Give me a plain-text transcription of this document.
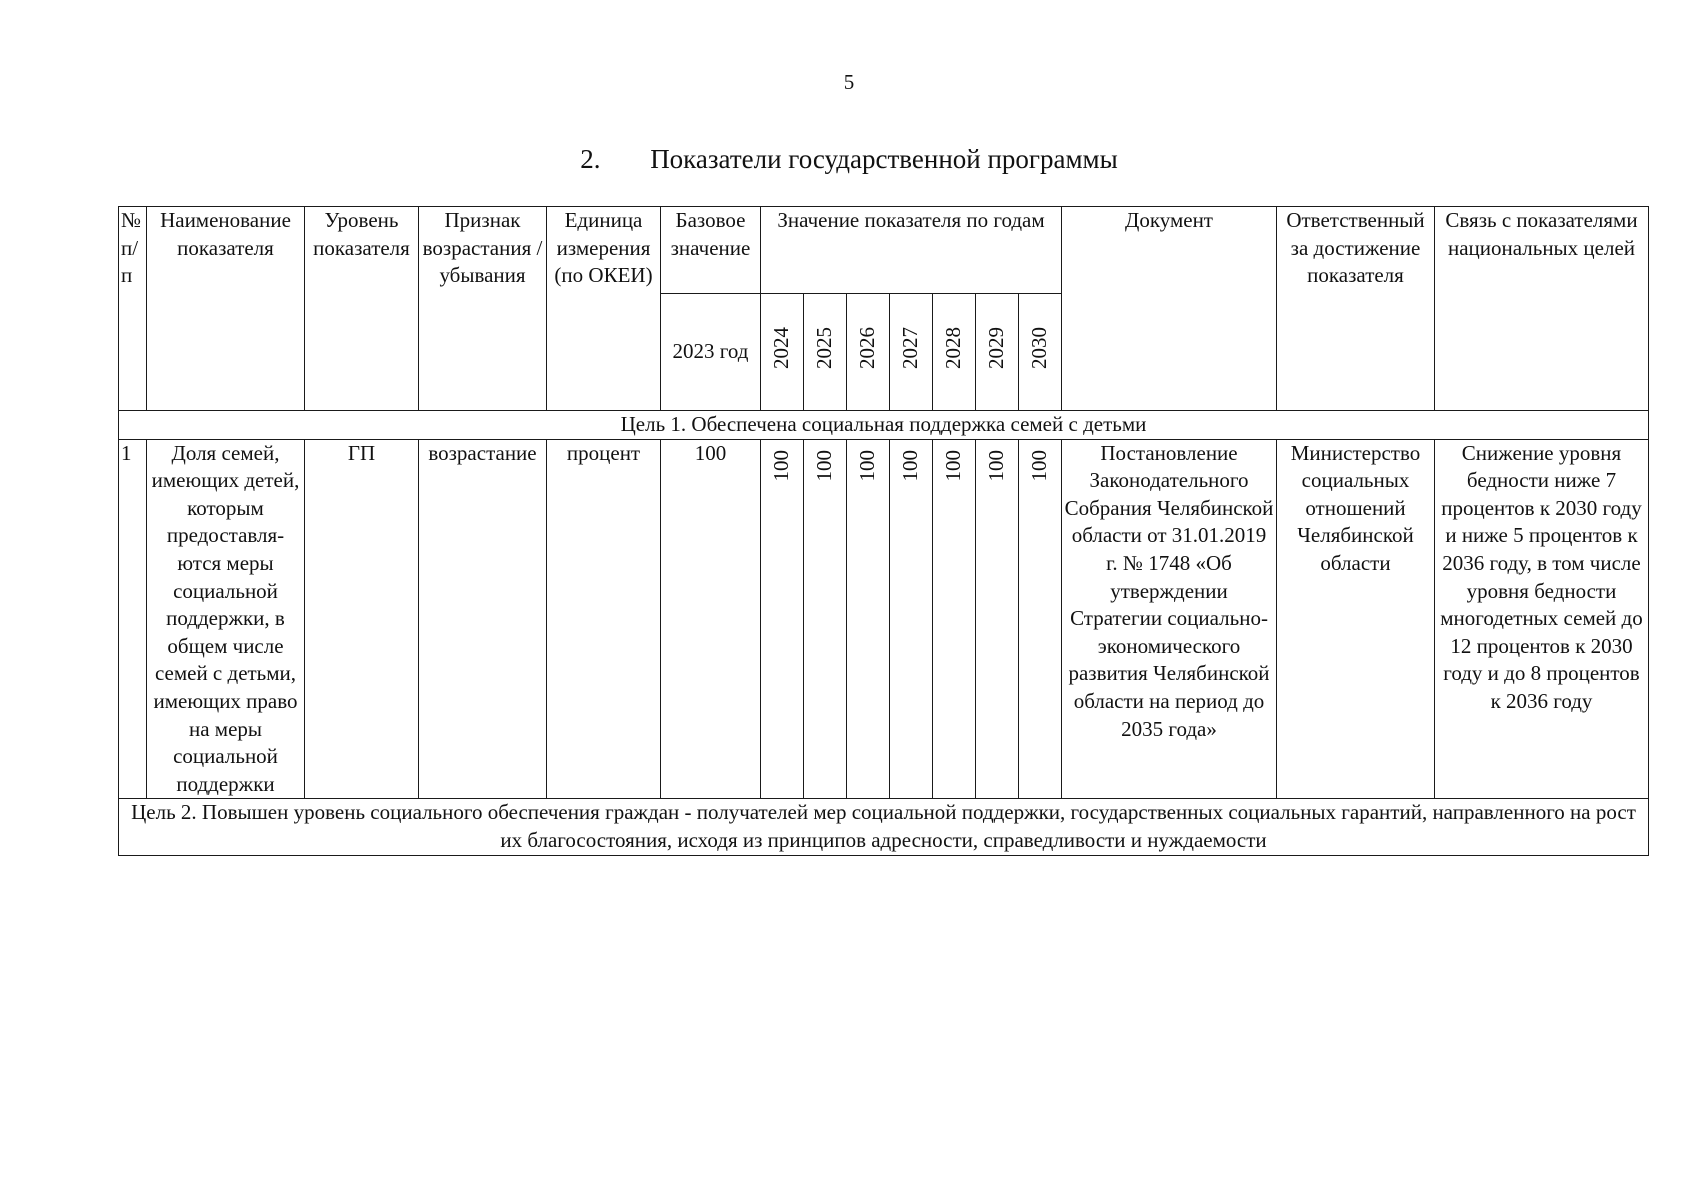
5
2. Показатели государственной программы
№ п/п	Наименование показателя	Уровень показателя	Признак возрастания / убывания	Единица измерения (по ОКЕИ)	Базовое значение	Значение показателя по годам							Документ	Ответственный за достижение показателя	Связь с показателями национальных целей
					2023 год	2024	2025	2026	2027	2028	2029	2030			
Цель 1. Обеспечена социальная поддержка семей с детьми															
1	Доля семей, имеющих детей, которым предоставля-ются меры социальной поддержки, в общем числе семей с детьми, имеющих право на меры социальной поддержки	ГП	возрастание	процент	100	100	100	100	100	100	100	100	Постановление Законодательного Собрания Челябинской области от 31.01.2019 г. № 1748 «Об утверждении Стратегии социально-экономического развития Челябинской области на период до 2035 года»	Министерство социальных отношений Челябинской области	Снижение уровня бедности ниже 7 процентов к 2030 году и ниже 5 процентов к 2036 году, в том числе уровня бедности многодетных семей до 12 процентов к 2030 году и до 8 процентов к 2036 году
Цель 2. Повышен уровень социального обеспечения граждан - получателей мер социальной поддержки, государственных социальных гарантий, направленного на рост их благосостояния, исходя из принципов адресности, справедливости и нуждаемости															
